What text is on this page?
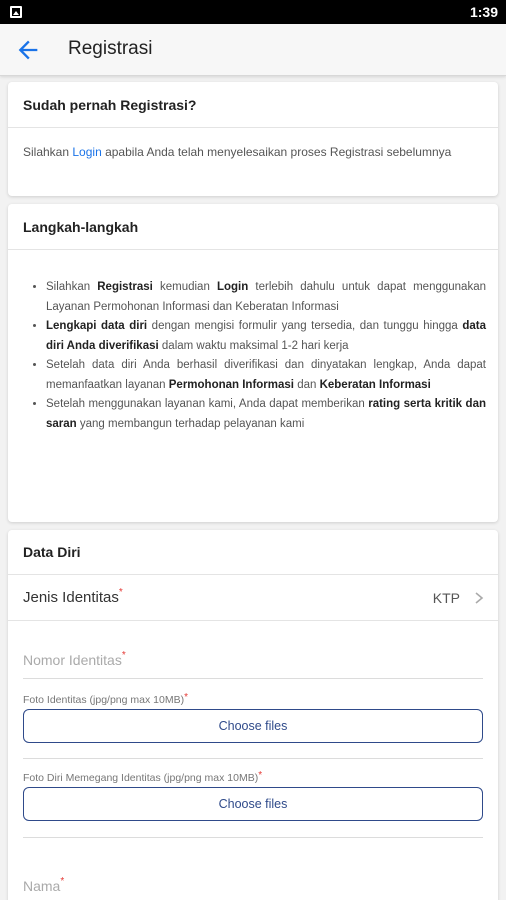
1:39
Registrasi
Sudah pernah Registrasi?
Silahkan Login apabila Anda telah menyelesaikan proses Registrasi sebelumnya
Langkah-langkah
• Silahkan Registrasi kemudian Login terlebih dahulu untuk dapat menggunakan Layanan Permohonan Informasi dan Keberatan Informasi
• Lengkapi data diri dengan mengisi formulir yang tersedia, dan tunggu hingga data diri Anda diverifikasi dalam waktu maksimal 1-2 hari kerja
• Setelah data diri Anda berhasil diverifikasi dan dinyatakan lengkap, Anda dapat memanfaatkan layanan Permohonan Informasi dan Keberatan Informasi
• Setelah menggunakan layanan kami, Anda dapat memberikan rating serta kritik dan saran yang membangun terhadap pelayanan kami
Data Diri
Jenis Identitas*	KTP
Nomor Identitas*
Foto Identitas (jpg/png max 10MB)*
Choose files
Foto Diri Memegang Identitas (jpg/png max 10MB)*
Choose files
Nama*
